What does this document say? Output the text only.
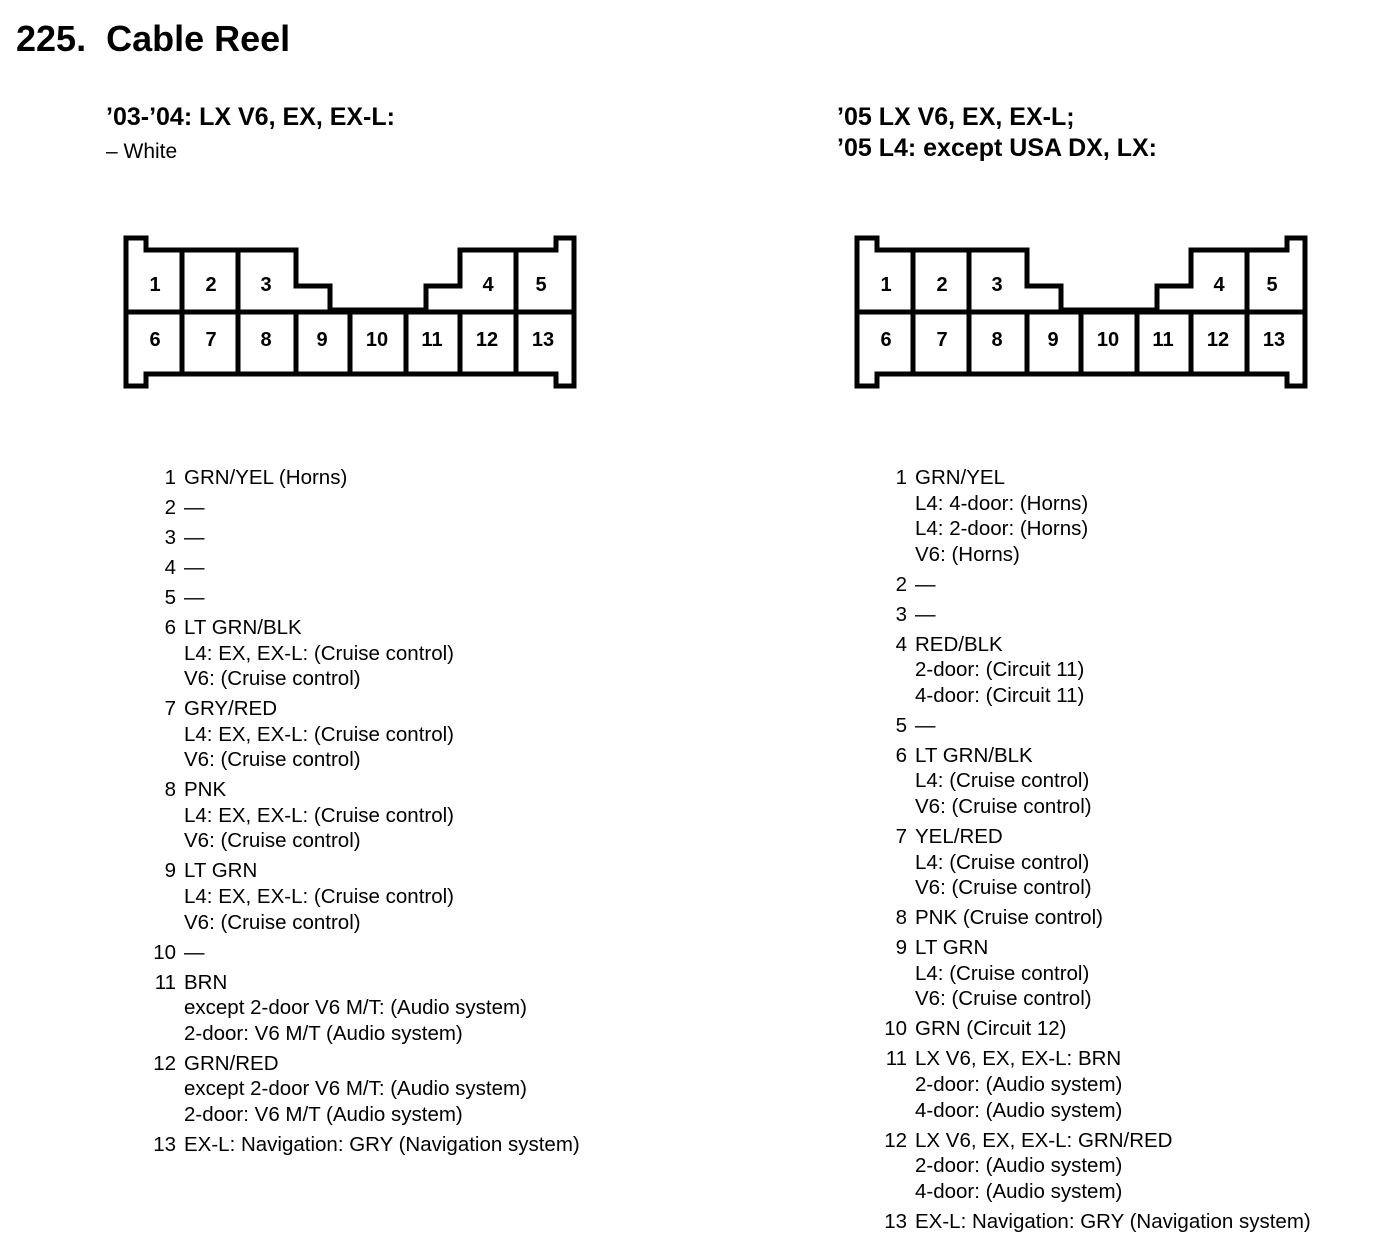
225.  Cable Reel
’03-’04: LX V6, EX, EX-L:
– White
1 2 3	4 5
6 7 8 9 10 11 12 13
1 GRN/YEL (Horns)
2 —
3 —
4 —
5 —
6 LT GRN/BLK
L4: EX, EX-L: (Cruise control)
V6: (Cruise control)
7 GRY/RED
L4: EX, EX-L: (Cruise control)
V6: (Cruise control)
8 PNK
L4: EX, EX-L: (Cruise control)
V6: (Cruise control)
9 LT GRN
L4: EX, EX-L: (Cruise control)
V6: (Cruise control)
10 —
11 BRN
except 2-door V6 M/T: (Audio system)
2-door: V6 M/T (Audio system)
12 GRN/RED
except 2-door V6 M/T: (Audio system)
2-door: V6 M/T (Audio system)
13 EX-L: Navigation: GRY (Navigation system)
’05 LX V6, EX, EX-L;
’05 L4: except USA DX, LX:
1 2 3	4 5
6 7 8 9 10 11 12 13
1 GRN/YEL
L4: 4-door: (Horns)
L4: 2-door: (Horns)
V6: (Horns)
2 —
3 —
4 RED/BLK
2-door: (Circuit 11)
4-door: (Circuit 11)
5 —
6 LT GRN/BLK
L4: (Cruise control)
V6: (Cruise control)
7 YEL/RED
L4: (Cruise control)
V6: (Cruise control)
8 PNK (Cruise control)
9 LT GRN
L4: (Cruise control)
V6: (Cruise control)
10 GRN (Circuit 12)
11 LX V6, EX, EX-L: BRN
2-door: (Audio system)
4-door: (Audio system)
12 LX V6, EX, EX-L: GRN/RED
2-door: (Audio system)
4-door: (Audio system)
13 EX-L: Navigation: GRY (Navigation system)
